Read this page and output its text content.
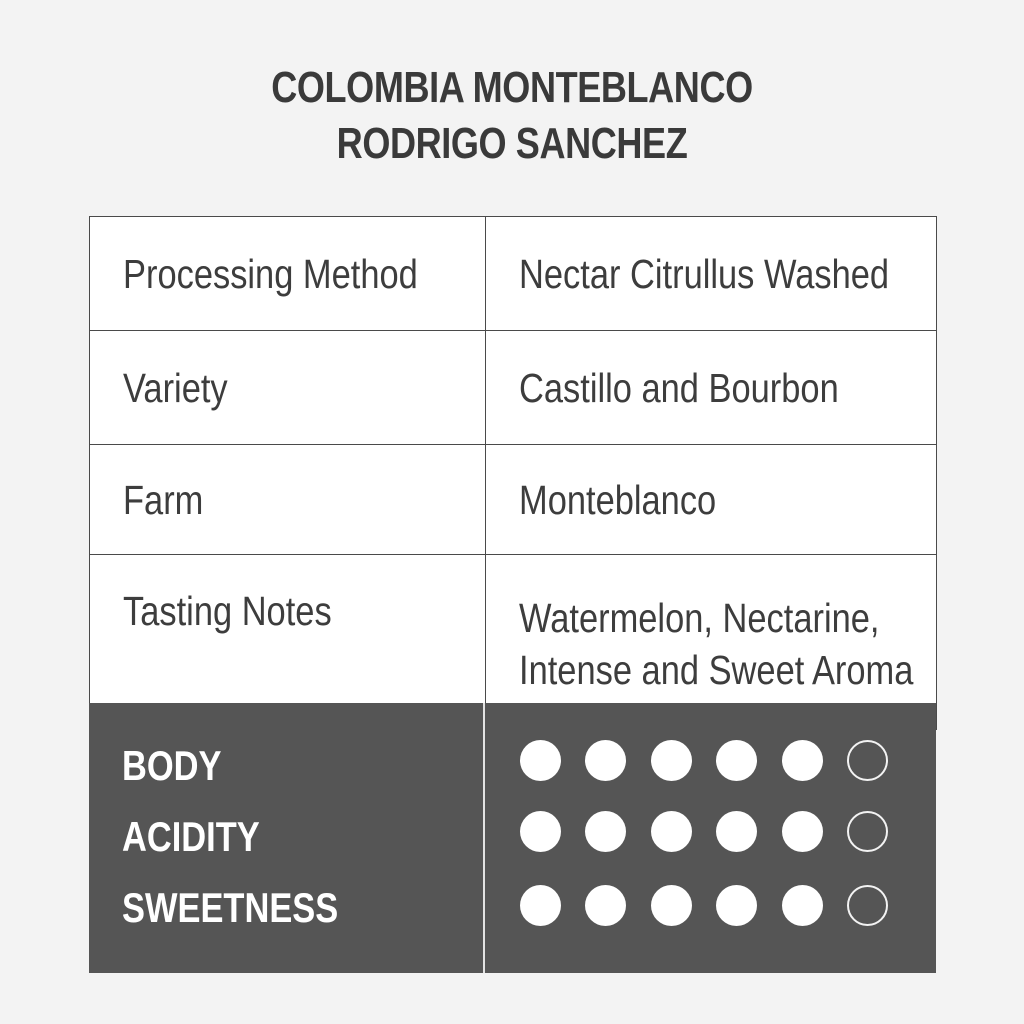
COLOMBIA MONTEBLANCO
RODRIGO SANCHEZ
Processing Method	Nectar Citrullus Washed
Variety	Castillo and Bourbon
Farm	Monteblanco
Tasting Notes	Watermelon, Nectarine,
Intense and Sweet Aroma
BODY
ACIDITY
SWEETNESS
